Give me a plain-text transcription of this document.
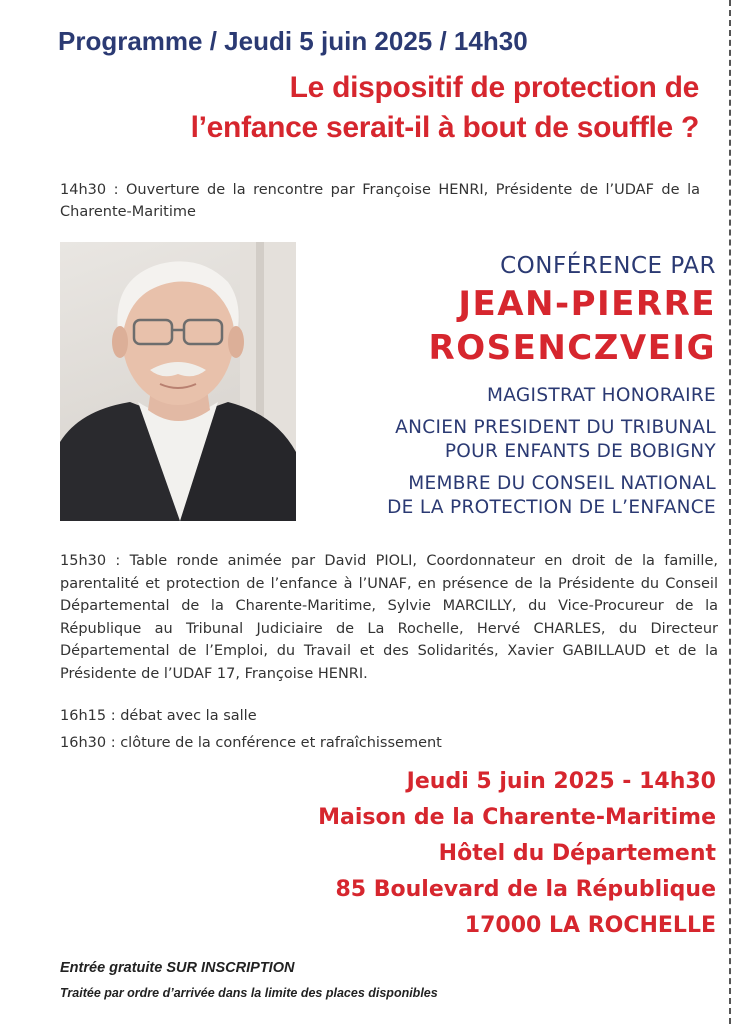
Programme / Jeudi 5 juin 2025 / 14h30
Le dispositif de protection de
l’enfance serait-il à bout de souffle ?
14h30 : Ouverture de la rencontre par Françoise HENRI, Présidente de l’UDAF de la Charente-Maritime
CONFÉRENCE PAR
JEAN-PIERRE
ROSENCZVEIG
MAGISTRAT HONORAIRE
ANCIEN PRESIDENT DU TRIBUNAL
POUR ENFANTS DE BOBIGNY
MEMBRE DU CONSEIL NATIONAL
DE LA PROTECTION DE L’ENFANCE
15h30 : Table ronde animée par David PIOLI, Coordonnateur en droit de la famille, parentalité et protection de l’enfance à l’UNAF, en présence de la Présidente du Conseil Départemental de la Charente-Maritime, Sylvie MARCILLY, du Vice-Procureur de la République au Tribunal Judiciaire de La Rochelle, Hervé CHARLES, du Directeur Départemental de l’Emploi, du Travail et des Solidarités, Xavier GABILLAUD et de la Présidente de l’UDAF 17, Françoise HENRI.
16h15 : débat avec la salle
16h30 : clôture de la conférence et rafraîchissement
Jeudi 5 juin 2025 - 14h30
Maison de la Charente-Maritime
Hôtel du Département
85 Boulevard de la République
17000 LA ROCHELLE
Entrée gratuite SUR INSCRIPTION
Traitée par ordre d’arrivée dans la limite des places disponibles
